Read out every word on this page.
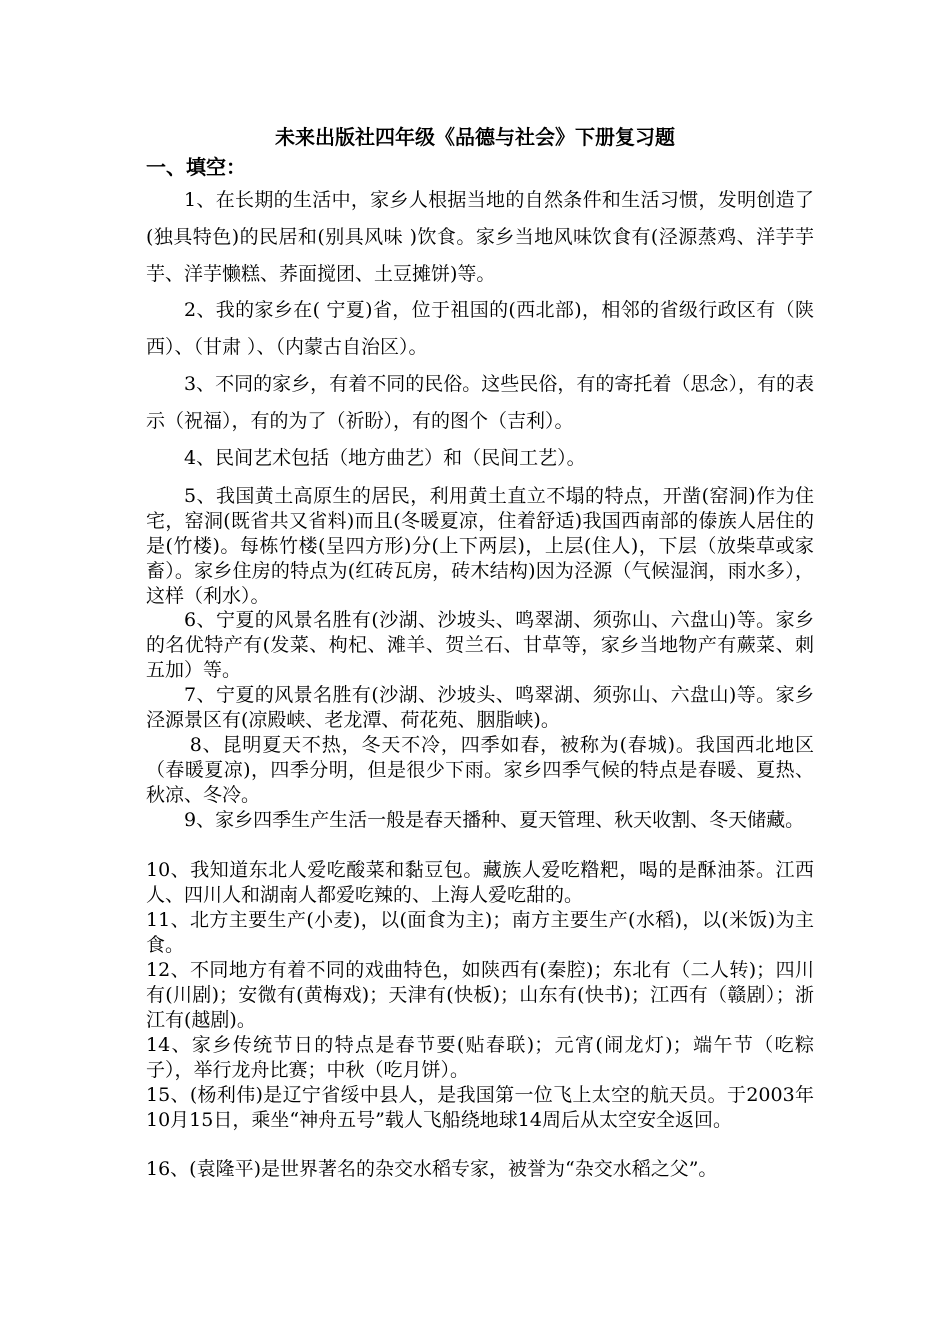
未来出版社四年级《品德与社会》下册复习题
一、填空：

1、在长期的生活中，家乡人根据当地的自然条件和生活习惯，发明创造了(独具特色)的民居和(别具风味 )饮食。家乡当地风味饮食有(泾源蒸鸡、洋芋芋芋、洋芋懒糕、荞面搅团、土豆摊饼)等。

2、我的家乡在( 宁夏)省，位于祖国的(西北部)，相邻的省级行政区有（陕西）、（甘肃 ）、（内蒙古自治区）。

3、不同的家乡，有着不同的民俗。这些民俗，有的寄托着（思念），有的表示（祝福），有的为了（祈盼），有的图个（吉利）。

4、民间艺术包括（地方曲艺）和（民间工艺）。

5、我国黄土高原生的居民，利用黄土直立不塌的特点，开凿(窑洞)作为住宅，窑洞(既省共又省料)而且(冬暖夏凉，住着舒适)我国西南部的傣族人居住的是(竹楼)。每栋竹楼(呈四方形)分(上下两层)，上层(住人)，下层（放柴草或家畜）。家乡住房的特点为(红砖瓦房，砖木结构)因为泾源（气候湿润，雨水多），这样（利水）。

6、宁夏的风景名胜有(沙湖、沙坡头、鸣翠湖、须弥山、六盘山)等。家乡的名优特产有(发菜、枸杞、滩羊、贺兰石、甘草等，家乡当地物产有蕨菜、刺五加）等。

7、宁夏的风景名胜有(沙湖、沙坡头、鸣翠湖、须弥山、六盘山)等。家乡泾源景区有(凉殿峡、老龙潭、荷花苑、胭脂峡)。

8、昆明夏天不热，冬天不冷，四季如春，被称为(春城)。我国西北地区（春暖夏凉)，四季分明，但是很少下雨。家乡四季气候的特点是春暖、夏热、秋凉、冬冷。

9、家乡四季生产生活一般是春天播种、夏天管理、秋天收割、冬天储藏。

10、我知道东北人爱吃酸菜和黏豆包。藏族人爱吃糌粑，喝的是酥油茶。江西人、四川人和湖南人都爱吃辣的、上海人爱吃甜的。

11、北方主要生产(小麦)，以(面食为主)；南方主要生产(水稻)，以(米饭)为主食。

12、不同地方有着不同的戏曲特色，如陕西有(秦腔)；东北有（二人转)；四川有(川剧)；安微有(黄梅戏)；天津有(快板)；山东有(快书)；江西有（赣剧）；浙江有(越剧)。

14、家乡传统节日的特点是春节要(贴春联)；元宵(闹龙灯)；端午节（吃粽子），举行龙舟比赛；中秋（吃月饼）。

15、(杨利伟)是辽宁省绥中县人，是我国第一位飞上太空的航天员。于2003年10月15日，乘坐“神舟五号”载人飞船绕地球14周后从太空安全返回。

16、(袁隆平)是世界著名的杂交水稻专家，被誉为“杂交水稻之父”。
